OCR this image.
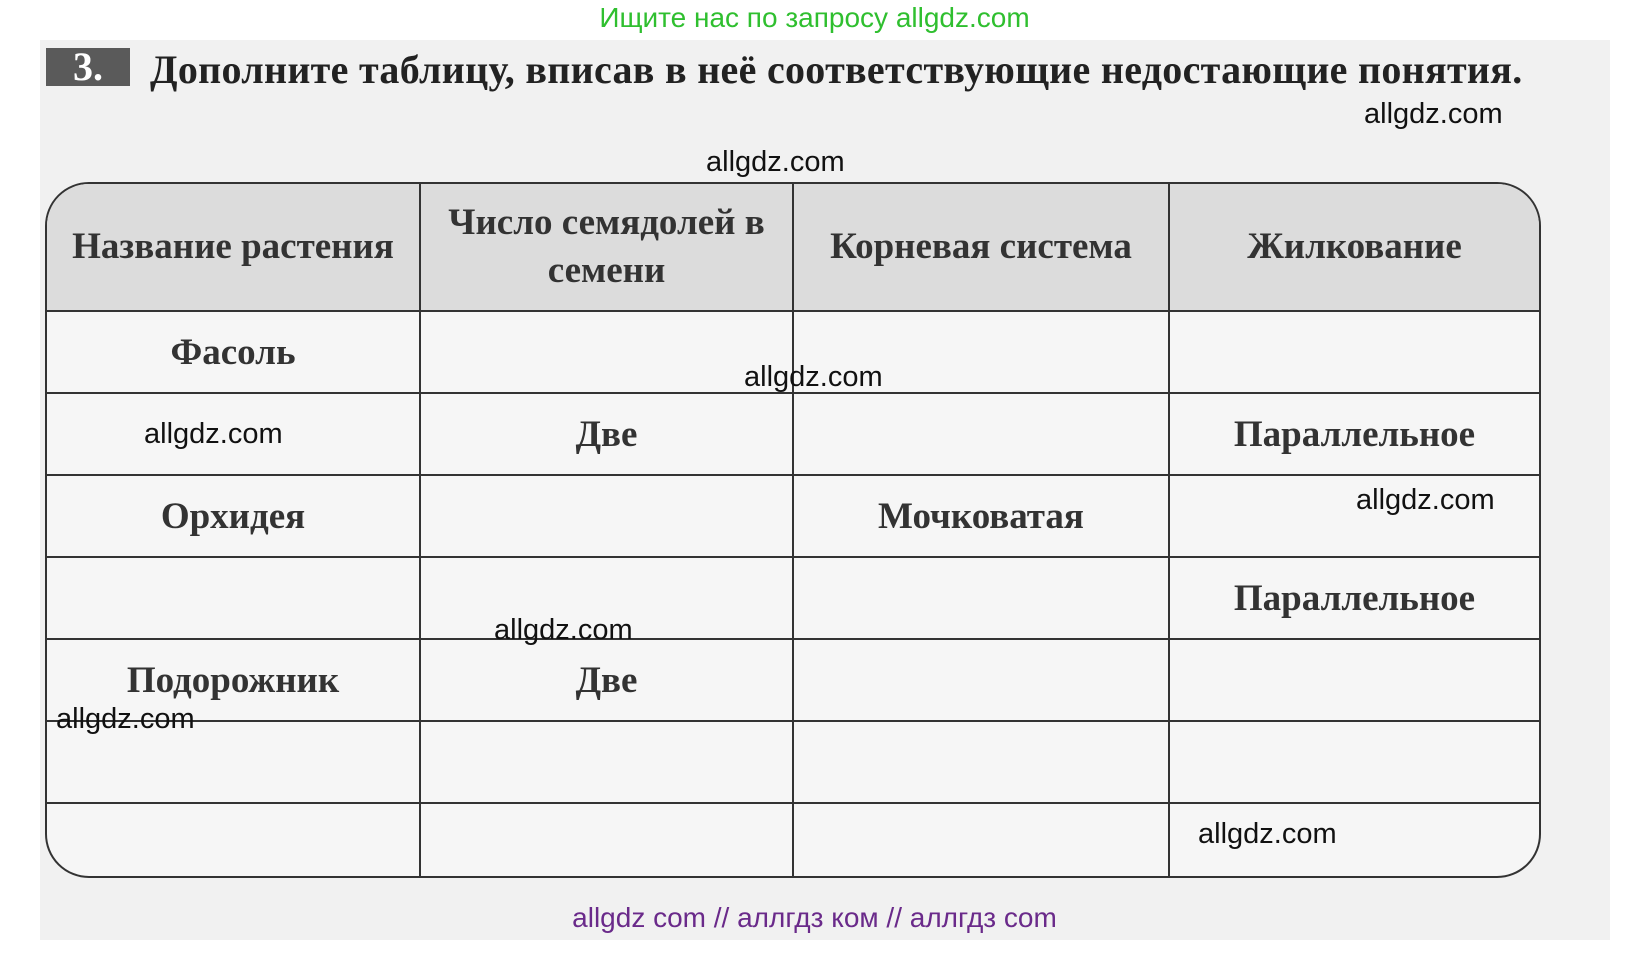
Ищите нас по запросу allgdz.com
3.	Дополните таблицу, вписав в неё соответствующие недостающие понятия.
Название растения	Число семядолей в семени	Корневая система	Жилкование
Фасоль			
	Две		Параллельное
Орхидея		Мочковатая	
			Параллельное
Подорожник	Две		

allgdz.com
allgdz.com
allgdz.com
allgdz.com
allgdz.com
allgdz.com
allgdz.com
allgdz.com
allgdz com // аллгдз ком // аллгдз com
